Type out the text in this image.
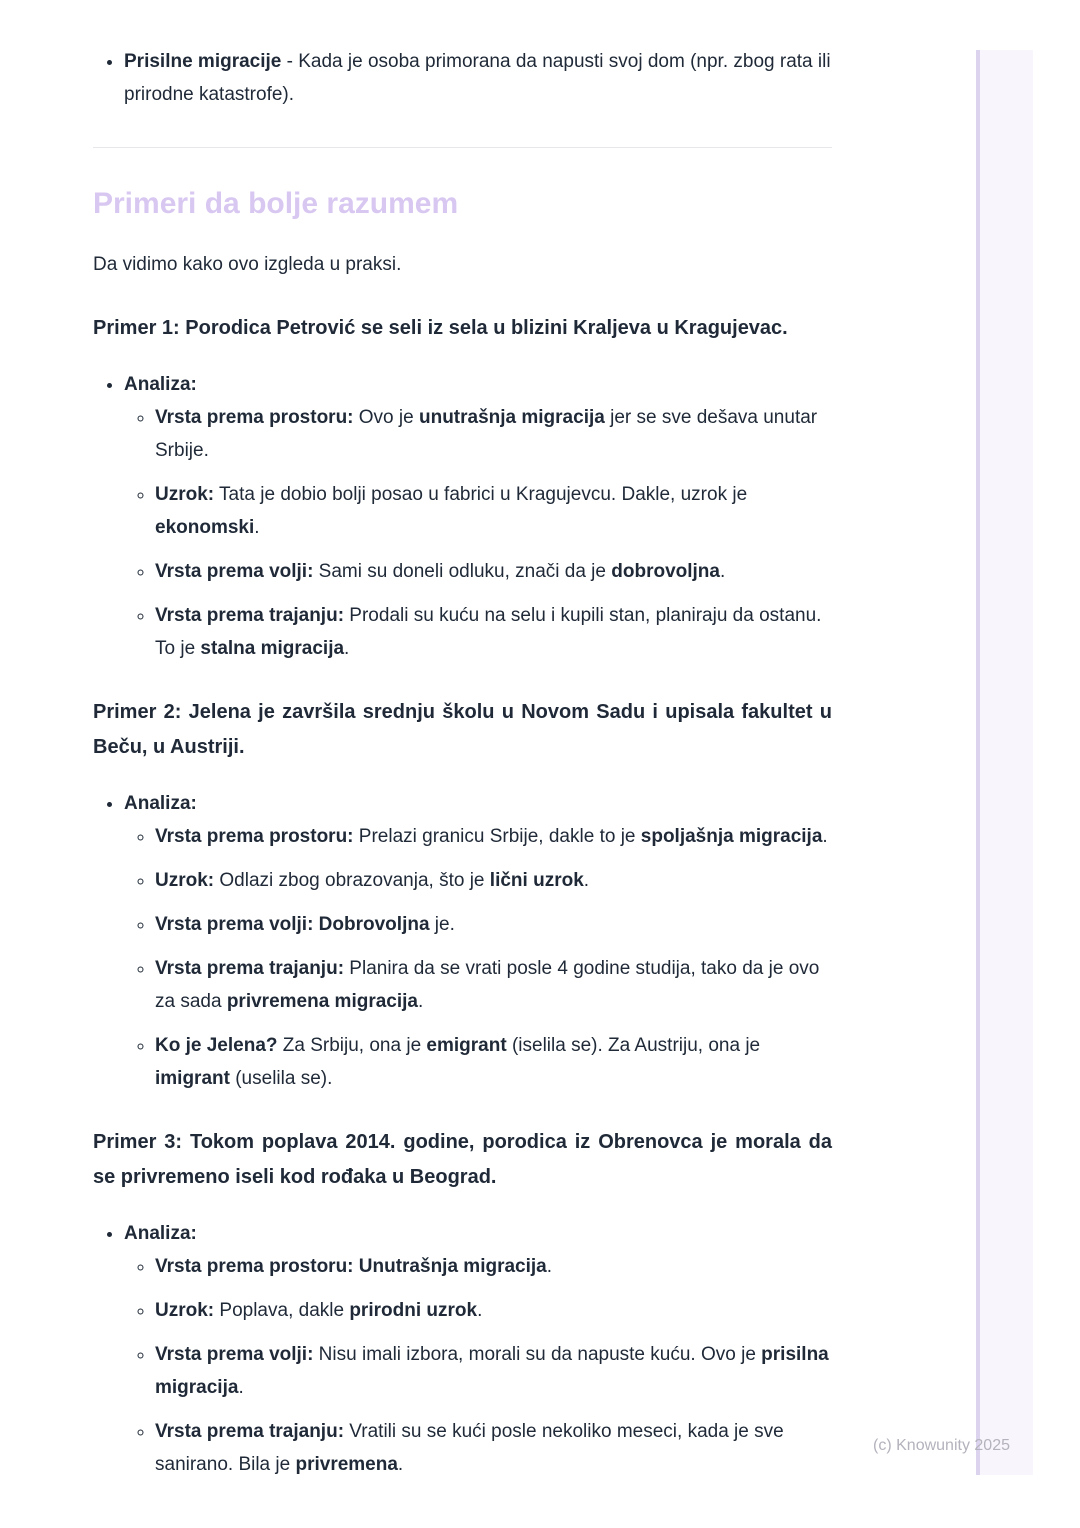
• Prisilne migracije - Kada je osoba primorana da napusti svoj dom (npr. zbog rata ili prirodne katastrofe).
Primeri da bolje razumem

Da vidimo kako ovo izgleda u praksi.

Primer 1: Porodica Petrović se seli iz sela u blizini Kraljeva u Kragujevac.

• Analiza:
◦ Vrsta prema prostoru: Ovo je unutrašnja migracija jer se sve dešava unutar Srbije.
◦ Uzrok: Tata je dobio bolji posao u fabrici u Kragujevcu. Dakle, uzrok je ekonomski.
◦ Vrsta prema volji: Sami su doneli odluku, znači da je dobrovoljna.
◦ Vrsta prema trajanju: Prodali su kuću na selu i kupili stan, planiraju da ostanu. To je stalna migracija.

Primer 2: Jelena je završila srednju školu u Novom Sadu i upisala fakultet u Beču, u Austriji.

• Analiza:
◦ Vrsta prema prostoru: Prelazi granicu Srbije, dakle to je spoljašnja migracija.
◦ Uzrok: Odlazi zbog obrazovanja, što je lični uzrok.
◦ Vrsta prema volji: Dobrovoljna je.
◦ Vrsta prema trajanju: Planira da se vrati posle 4 godine studija, tako da je ovo za sada privremena migracija.
◦ Ko je Jelena? Za Srbiju, ona je emigrant (iselila se). Za Austriju, ona je imigrant (uselila se).

Primer 3: Tokom poplava 2014. godine, porodica iz Obrenovca je morala da se privremeno iseli kod rođaka u Beograd.

• Analiza:
◦ Vrsta prema prostoru: Unutrašnja migracija.
◦ Uzrok: Poplava, dakle prirodni uzrok.
◦ Vrsta prema volji: Nisu imali izbora, morali su da napuste kuću. Ovo je prisilna migracija.
◦ Vrsta prema trajanju: Vratili su se kući posle nekoliko meseci, kada je sve sanirano. Bila je privremena.
(c) Knowunity 2025
